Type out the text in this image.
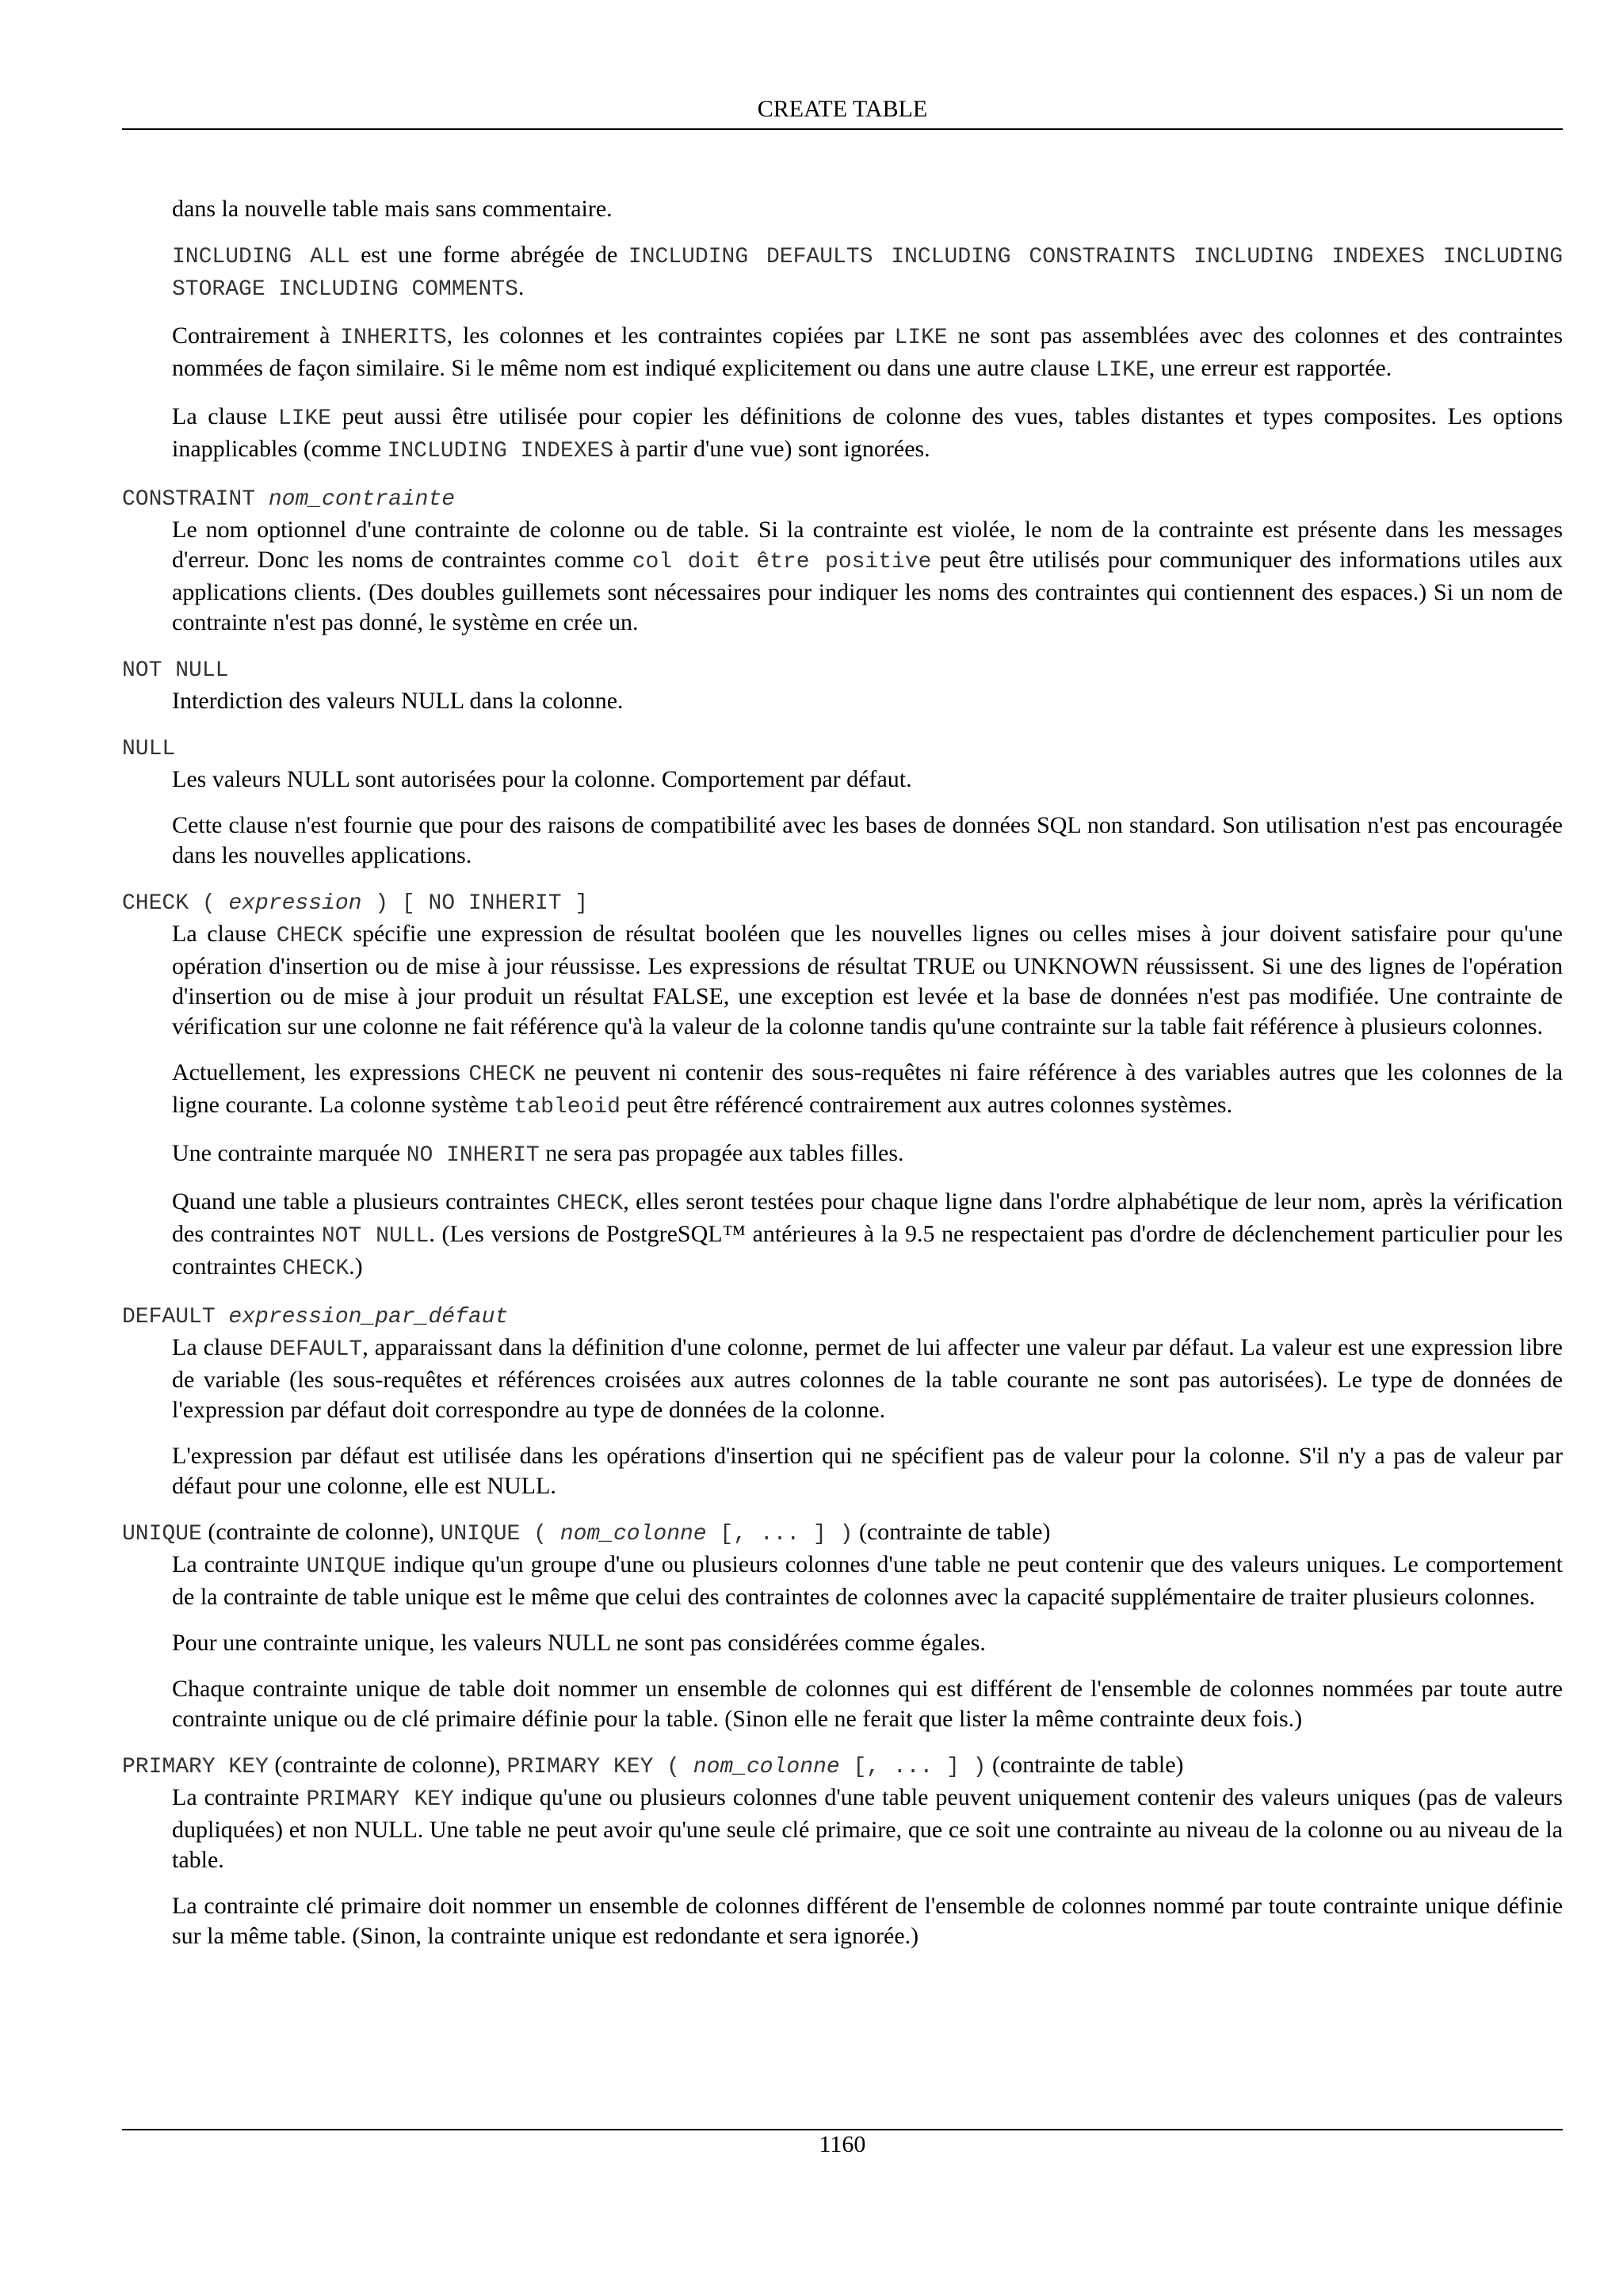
CREATE TABLE

dans la nouvelle table mais sans commentaire.

INCLUDING ALL est une forme abrégée de INCLUDING DEFAULTS INCLUDING CONSTRAINTS INCLUDING INDEXES INCLUDING STORAGE INCLUDING COMMENTS.

Contrairement à INHERITS, les colonnes et les contraintes copiées par LIKE ne sont pas assemblées avec des colonnes et des contraintes nommées de façon similaire. Si le même nom est indiqué explicitement ou dans une autre clause LIKE, une erreur est rapportée.

La clause LIKE peut aussi être utilisée pour copier les définitions de colonne des vues, tables distantes et types composites. Les options inapplicables (comme INCLUDING INDEXES à partir d'une vue) sont ignorées.

CONSTRAINT nom_contrainte

Le nom optionnel d'une contrainte de colonne ou de table. Si la contrainte est violée, le nom de la contrainte est présente dans les messages d'erreur. Donc les noms de contraintes comme col doit être positive peut être utilisés pour communiquer des informations utiles aux applications clients. (Des doubles guillemets sont nécessaires pour indiquer les noms des contraintes qui contiennent des espaces.) Si un nom de contrainte n'est pas donné, le système en crée un.

NOT NULL

Interdiction des valeurs NULL dans la colonne.

NULL

Les valeurs NULL sont autorisées pour la colonne. Comportement par défaut.

Cette clause n'est fournie que pour des raisons de compatibilité avec les bases de données SQL non standard. Son utilisation n'est pas encouragée dans les nouvelles applications.

CHECK ( expression ) [ NO INHERIT ]

La clause CHECK spécifie une expression de résultat booléen que les nouvelles lignes ou celles mises à jour doivent satisfaire pour qu'une opération d'insertion ou de mise à jour réussisse. Les expressions de résultat TRUE ou UNKNOWN réussissent. Si une des lignes de l'opération d'insertion ou de mise à jour produit un résultat FALSE, une exception est levée et la base de données n'est pas modifiée. Une contrainte de vérification sur une colonne ne fait référence qu'à la valeur de la colonne tandis qu'une contrainte sur la table fait référence à plusieurs colonnes.

Actuellement, les expressions CHECK ne peuvent ni contenir des sous-requêtes ni faire référence à des variables autres que les colonnes de la ligne courante. La colonne système tableoid peut être référencé contrairement aux autres colonnes systèmes.

Une contrainte marquée NO INHERIT ne sera pas propagée aux tables filles.

Quand une table a plusieurs contraintes CHECK, elles seront testées pour chaque ligne dans l'ordre alphabétique de leur nom, après la vérification des contraintes NOT NULL. (Les versions de PostgreSQL™ antérieures à la 9.5 ne respectaient pas d'ordre de déclenchement particulier pour les contraintes CHECK.)

DEFAULT expression_par_défaut

La clause DEFAULT, apparaissant dans la définition d'une colonne, permet de lui affecter une valeur par défaut. La valeur est une expression libre de variable (les sous-requêtes et références croisées aux autres colonnes de la table courante ne sont pas autorisées). Le type de données de l'expression par défaut doit correspondre au type de données de la colonne.

L'expression par défaut est utilisée dans les opérations d'insertion qui ne spécifient pas de valeur pour la colonne. S'il n'y a pas de valeur par défaut pour une colonne, elle est NULL.

UNIQUE (contrainte de colonne), UNIQUE ( nom_colonne [, ... ] ) (contrainte de table)

La contrainte UNIQUE indique qu'un groupe d'une ou plusieurs colonnes d'une table ne peut contenir que des valeurs uniques. Le comportement de la contrainte de table unique est le même que celui des contraintes de colonnes avec la capacité supplémentaire de traiter plusieurs colonnes.

Pour une contrainte unique, les valeurs NULL ne sont pas considérées comme égales.

Chaque contrainte unique de table doit nommer un ensemble de colonnes qui est différent de l'ensemble de colonnes nommées par toute autre contrainte unique ou de clé primaire définie pour la table. (Sinon elle ne ferait que lister la même contrainte deux fois.)

PRIMARY KEY (contrainte de colonne), PRIMARY KEY ( nom_colonne [, ... ] ) (contrainte de table)

La contrainte PRIMARY KEY indique qu'une ou plusieurs colonnes d'une table peuvent uniquement contenir des valeurs uniques (pas de valeurs dupliquées) et non NULL. Une table ne peut avoir qu'une seule clé primaire, que ce soit une contrainte au niveau de la colonne ou au niveau de la table.

La contrainte clé primaire doit nommer un ensemble de colonnes différent de l'ensemble de colonnes nommé par toute contrainte unique définie sur la même table. (Sinon, la contrainte unique est redondante et sera ignorée.)

1160
